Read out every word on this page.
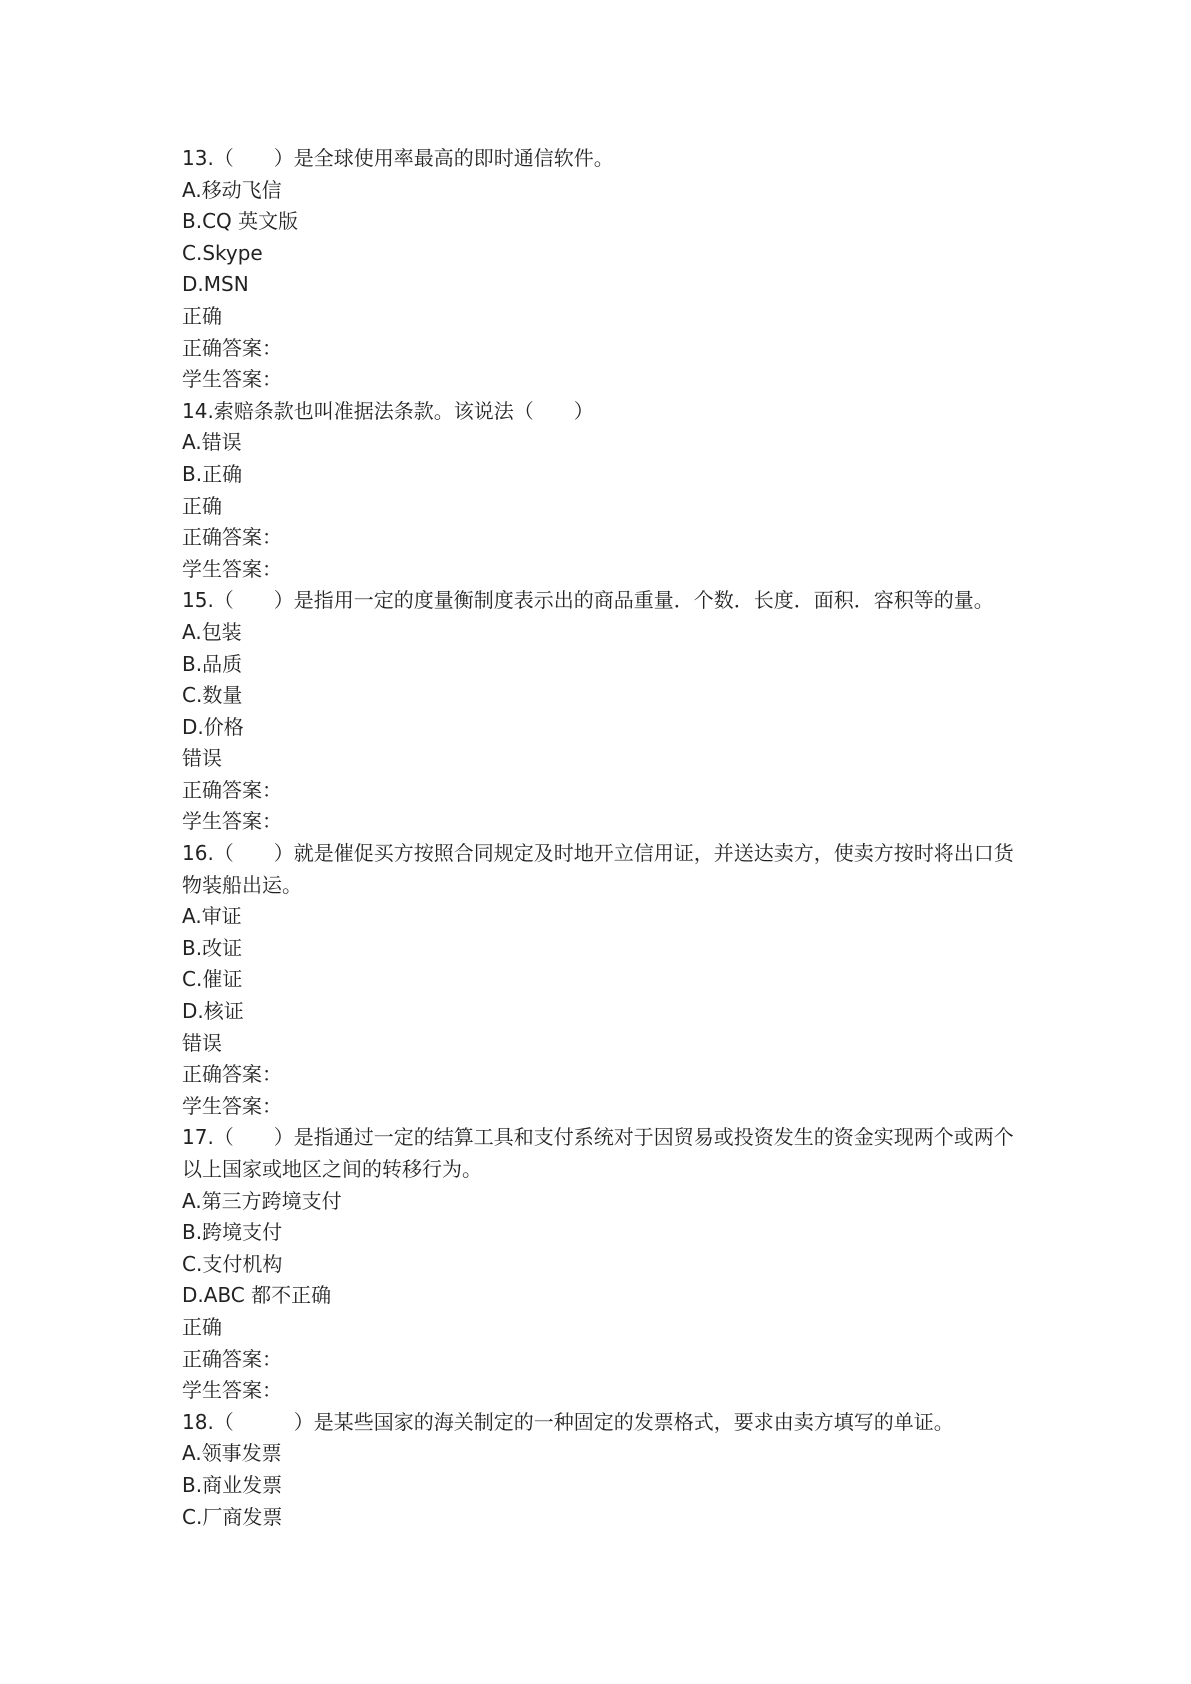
13.（　　）是全球使用率最高的即时通信软件。
A.移动飞信
B.CQ 英文版
C.Skype
D.MSN
正确
正确答案：
学生答案：
14.索赔条款也叫准据法条款。该说法（　　）
A.错误
B.正确
正确
正确答案：
学生答案：
15.（　　）是指用一定的度量衡制度表示出的商品重量．个数．长度．面积．容积等的量。
A.包装
B.品质
C.数量
D.价格
错误
正确答案：
学生答案：
16.（　　）就是催促买方按照合同规定及时地开立信用证，并送达卖方，使卖方按时将出口货物装船出运。
A.审证
B.改证
C.催证
D.核证
错误
正确答案：
学生答案：
17.（　　）是指通过一定的结算工具和支付系统对于因贸易或投资发生的资金实现两个或两个以上国家或地区之间的转移行为。
A.第三方跨境支付
B.跨境支付
C.支付机构
D.ABC 都不正确
正确
正确答案：
学生答案：
18.（　　　）是某些国家的海关制定的一种固定的发票格式，要求由卖方填写的单证。
A.领事发票
B.商业发票
C.厂商发票
